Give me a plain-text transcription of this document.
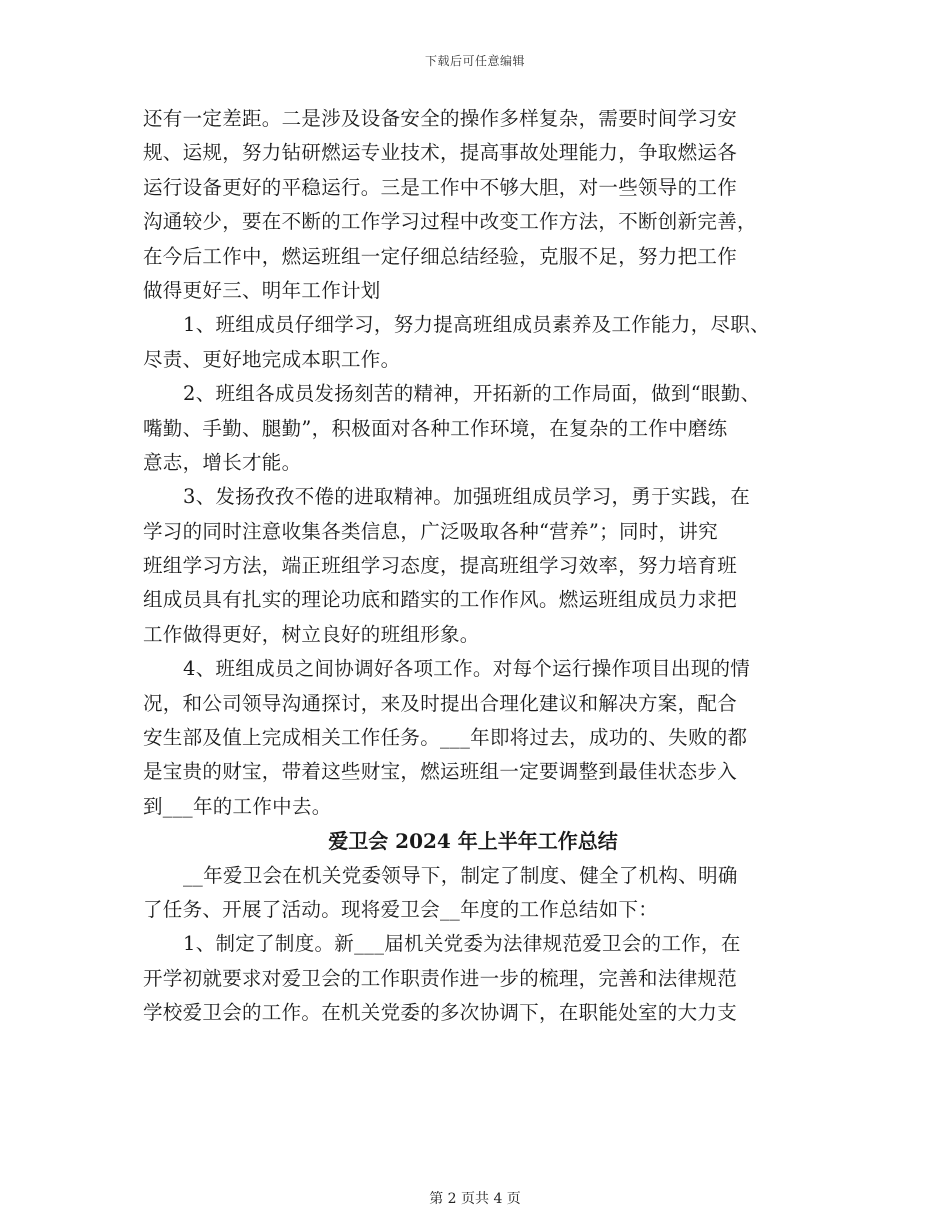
下载后可任意编辑
还有一定差距。二是涉及设备安全的操作多样复杂，需要时间学习安
规、运规，努力钻研燃运专业技术，提高事故处理能力，争取燃运各
运行设备更好的平稳运行。三是工作中不够大胆，对一些领导的工作
沟通较少，要在不断的工作学习过程中改变工作方法，不断创新完善，
在今后工作中，燃运班组一定仔细总结经验，克服不足，努力把工作
做得更好三、明年工作计划
1、班组成员仔细学习，努力提高班组成员素养及工作能力，尽职、
尽责、更好地完成本职工作。
2、班组各成员发扬刻苦的精神，开拓新的工作局面，做到“眼勤、
嘴勤、手勤、腿勤”，积极面对各种工作环境，在复杂的工作中磨练
意志，增长才能。
3、发扬孜孜不倦的进取精神。加强班组成员学习，勇于实践，在
学习的同时注意收集各类信息，广泛吸取各种“营养”；同时，讲究
班组学习方法，端正班组学习态度，提高班组学习效率，努力培育班
组成员具有扎实的理论功底和踏实的工作作风。燃运班组成员力求把
工作做得更好，树立良好的班组形象。
4、班组成员之间协调好各项工作。对每个运行操作项目出现的情
况，和公司领导沟通探讨，来及时提出合理化建议和解决方案，配合
安生部及值上完成相关工作任务。___年即将过去，成功的、失败的都
是宝贵的财宝，带着这些财宝，燃运班组一定要调整到最佳状态步入
到___年的工作中去。
爱卫会 2024 年上半年工作总结
__年爱卫会在机关党委领导下，制定了制度、健全了机构、明确
了任务、开展了活动。现将爱卫会__年度的工作总结如下：
1、制定了制度。新___届机关党委为法律规范爱卫会的工作，在
开学初就要求对爱卫会的工作职责作进一步的梳理，完善和法律规范
学校爱卫会的工作。在机关党委的多次协调下，在职能处室的大力支
第 2 页共 4 页
